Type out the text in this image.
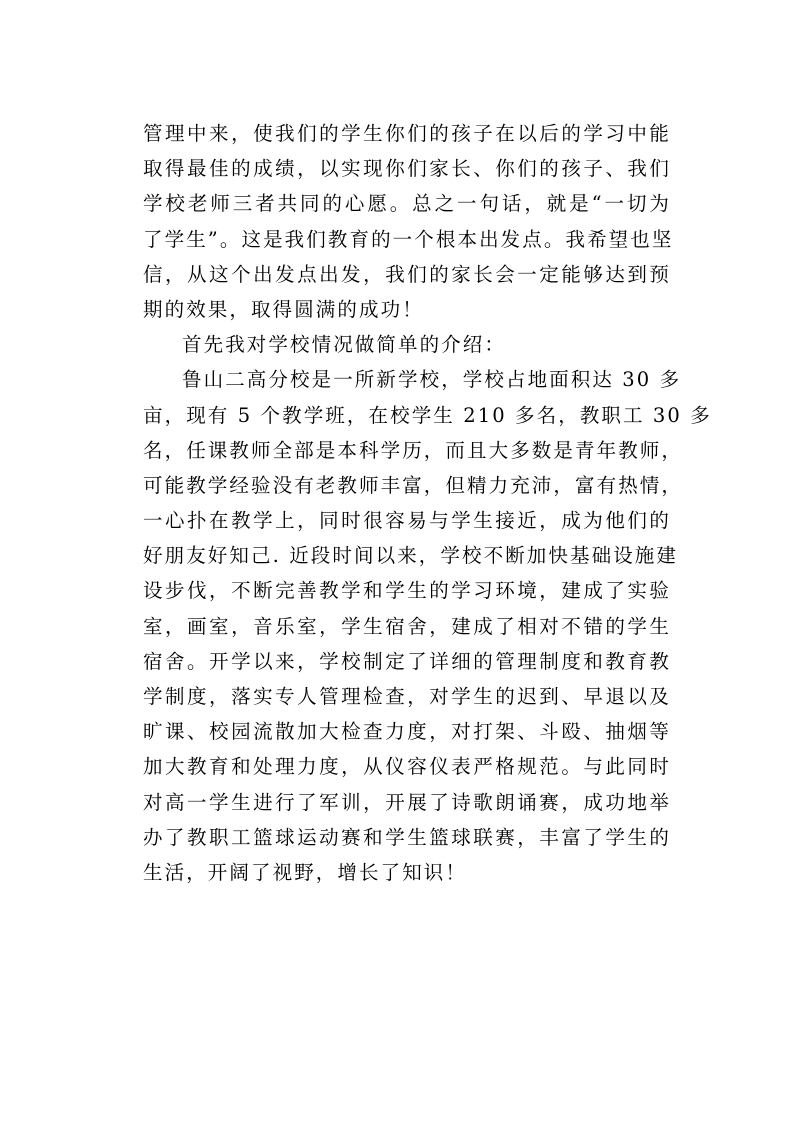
管理中来，使我们的学生你们的孩子在以后的学习中能
取得最佳的成绩，以实现你们家长、你们的孩子、我们
学校老师三者共同的心愿。总之一句话，就是“一切为
了学生”。这是我们教育的一个根本出发点。我希望也坚
信，从这个出发点出发，我们的家长会一定能够达到预
期的效果，取得圆满的成功！
首先我对学校情况做简单的介绍：
鲁山二高分校是一所新学校，学校占地面积达 30 多
亩，现有 5 个教学班，在校学生 210 多名，教职工 30 多
名，任课教师全部是本科学历，而且大多数是青年教师，
可能教学经验没有老教师丰富，但精力充沛，富有热情，
一心扑在教学上，同时很容易与学生接近，成为他们的
好朋友好知己. 近段时间以来，学校不断加快基础设施建
设步伐，不断完善教学和学生的学习环境，建成了实验
室，画室，音乐室，学生宿舍，建成了相对不错的学生
宿舍。开学以来，学校制定了详细的管理制度和教育教
学制度，落实专人管理检查，对学生的迟到、早退以及
旷课、校园流散加大检查力度，对打架、斗殴、抽烟等
加大教育和处理力度，从仪容仪表严格规范。与此同时
对高一学生进行了军训，开展了诗歌朗诵赛，成功地举
办了教职工篮球运动赛和学生篮球联赛，丰富了学生的
生活，开阔了视野，增长了知识！
